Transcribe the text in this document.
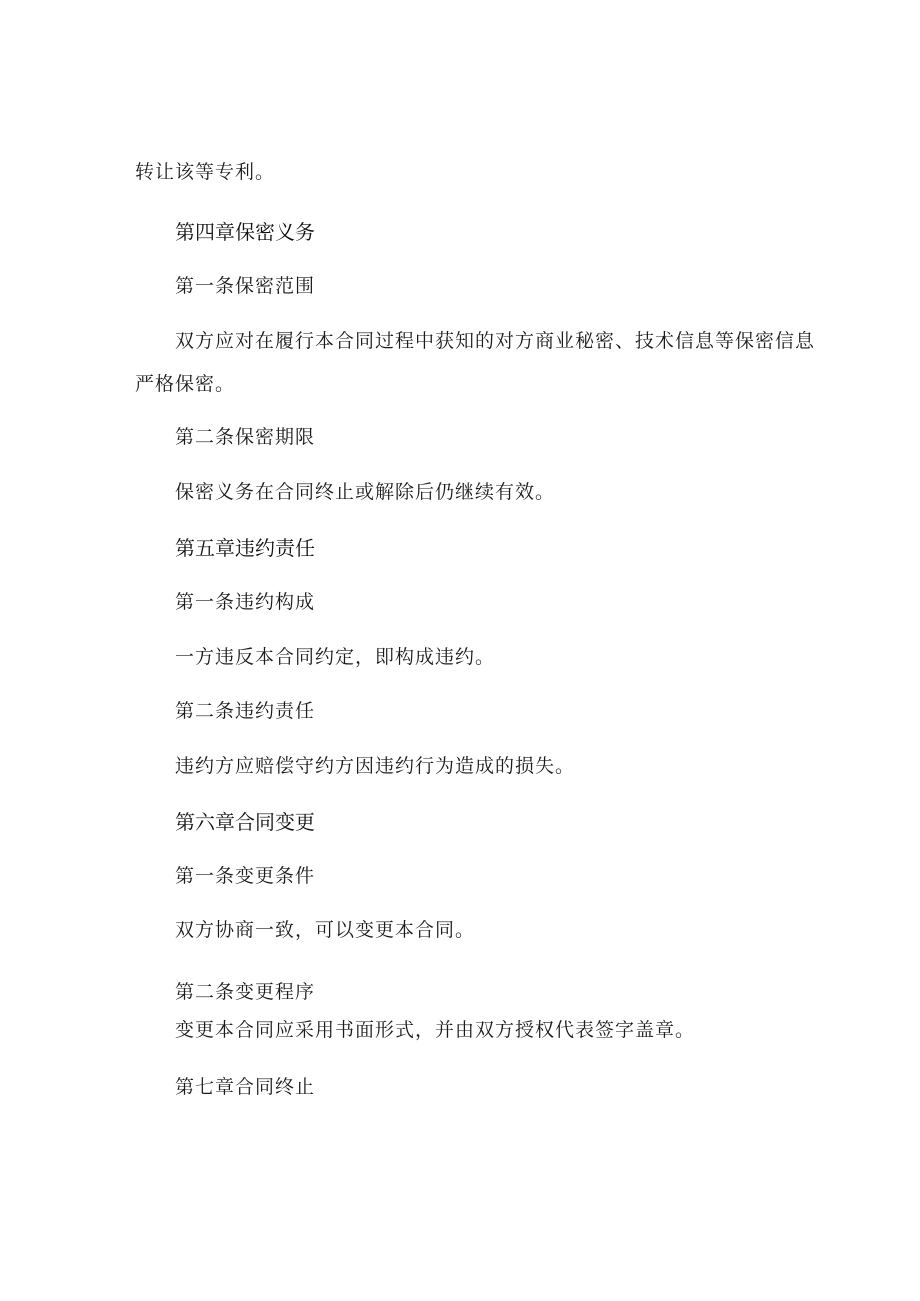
转让该等专利。
第四章保密义务
第一条保密范围
双方应对在履行本合同过程中获知的对方商业秘密、技术信息等保密信息
严格保密。
第二条保密期限
保密义务在合同终止或解除后仍继续有效。
第五章违约责任
第一条违约构成
一方违反本合同约定，即构成违约。
第二条违约责任
违约方应赔偿守约方因违约行为造成的损失。
第六章合同变更
第一条变更条件
双方协商一致，可以变更本合同。
第二条变更程序
变更本合同应采用书面形式，并由双方授权代表签字盖章。
第七章合同终止
